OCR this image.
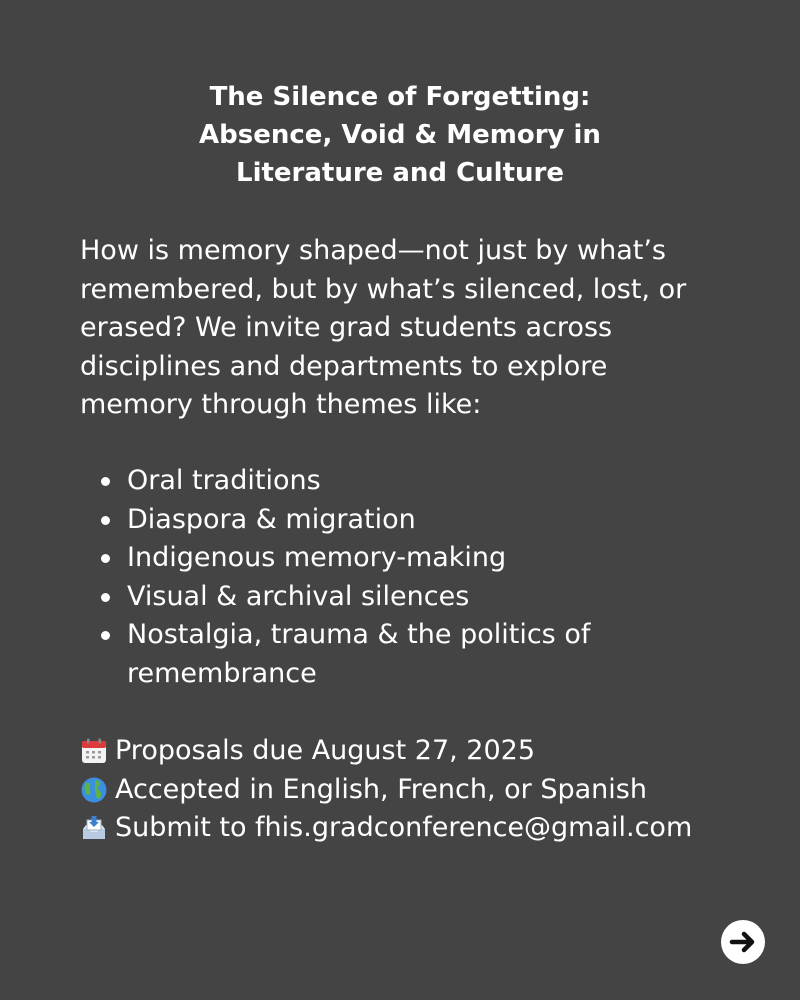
The Silence of Forgetting:
Absence, Void & Memory in
Literature and Culture

How is memory shaped—not just by what’s remembered, but by what’s silenced, lost, or erased? We invite grad students across disciplines and departments to explore memory through themes like:

Oral traditions
Diaspora & migration
Indigenous memory-making
Visual & archival silences
Nostalgia, trauma & the politics of remembrance
Proposals due August 27, 2025
Accepted in English, French, or Spanish
Submit to fhis.gradconference@gmail.com
